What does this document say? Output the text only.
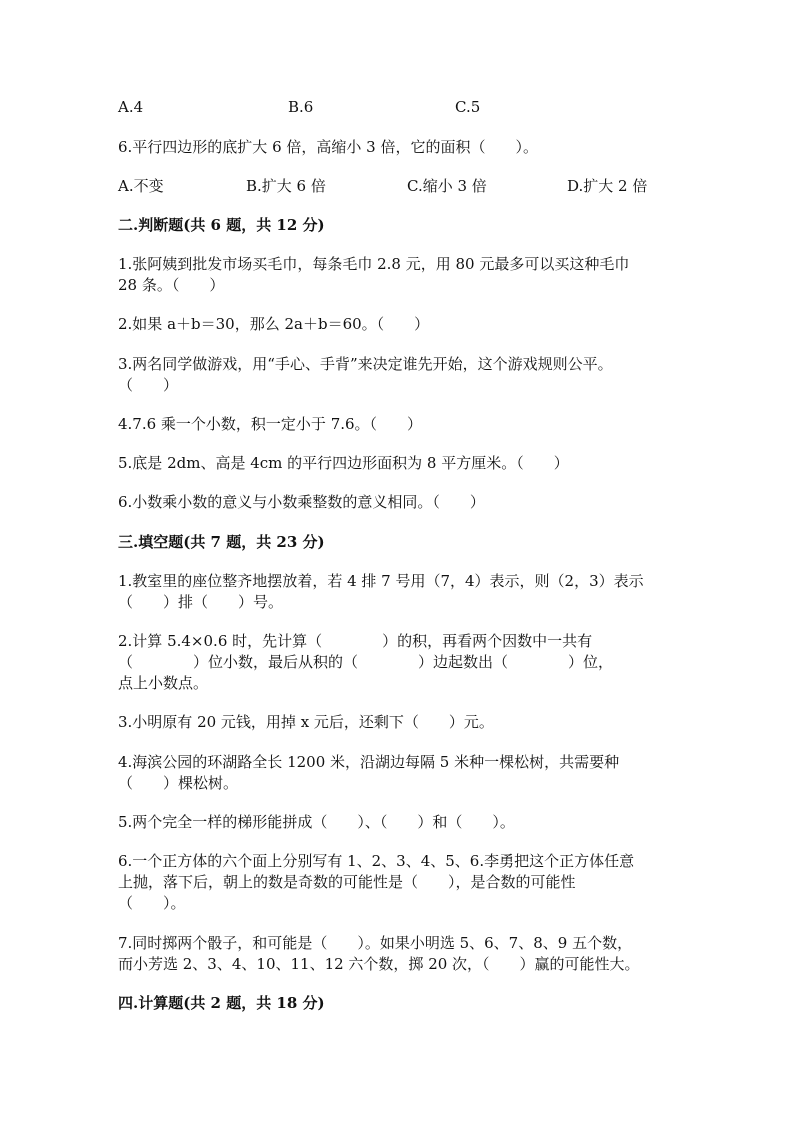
A.4	B.6	C.5
6.平行四边形的底扩大 6 倍，高缩小 3 倍，它的面积（　　）。
A.不变	B.扩大 6 倍	C.缩小 3 倍	D.扩大 2 倍
二.判断题(共 6 题，共 12 分)
1.张阿姨到批发市场买毛巾，每条毛巾 2.8 元，用 80 元最多可以买这种毛巾
28 条。（　　）
2.如果 a＋b＝30，那么 2a＋b＝60。（　　）
3.两名同学做游戏，用“手心、手背”来决定谁先开始，这个游戏规则公平。
（　　）
4.7.6 乘一个小数，积一定小于 7.6。（　　）
5.底是 2dm、高是 4cm 的平行四边形面积为 8 平方厘米。（　　）
6.小数乘小数的意义与小数乘整数的意义相同。（　　）
三.填空题(共 7 题，共 23 分)
1.教室里的座位整齐地摆放着，若 4 排 7 号用（7，4）表示，则（2，3）表示
（　　）排（　　）号。
2.计算 5.4×0.6 时，先计算（　　　　）的积，再看两个因数中一共有
（　　　　）位小数，最后从积的（　　　　）边起数出（　　　　）位，
点上小数点。
3.小明原有 20 元钱，用掉 x 元后，还剩下（　　）元。
4.海滨公园的环湖路全长 1200 米，沿湖边每隔 5 米种一棵松树，共需要种
（　　）棵松树。
5.两个完全一样的梯形能拼成（　　）、（　　）和（　　）。
6.一个正方体的六个面上分别写有 1、2、3、4、5、6.李勇把这个正方体任意
上抛，落下后，朝上的数是奇数的可能性是（　　），是合数的可能性
（　　）。
7.同时掷两个骰子，和可能是（　　）。如果小明选 5、6、7、8、9 五个数，
而小芳选 2、3、4、10、11、12 六个数，掷 20 次，（　　）赢的可能性大。
四.计算题(共 2 题，共 18 分)
